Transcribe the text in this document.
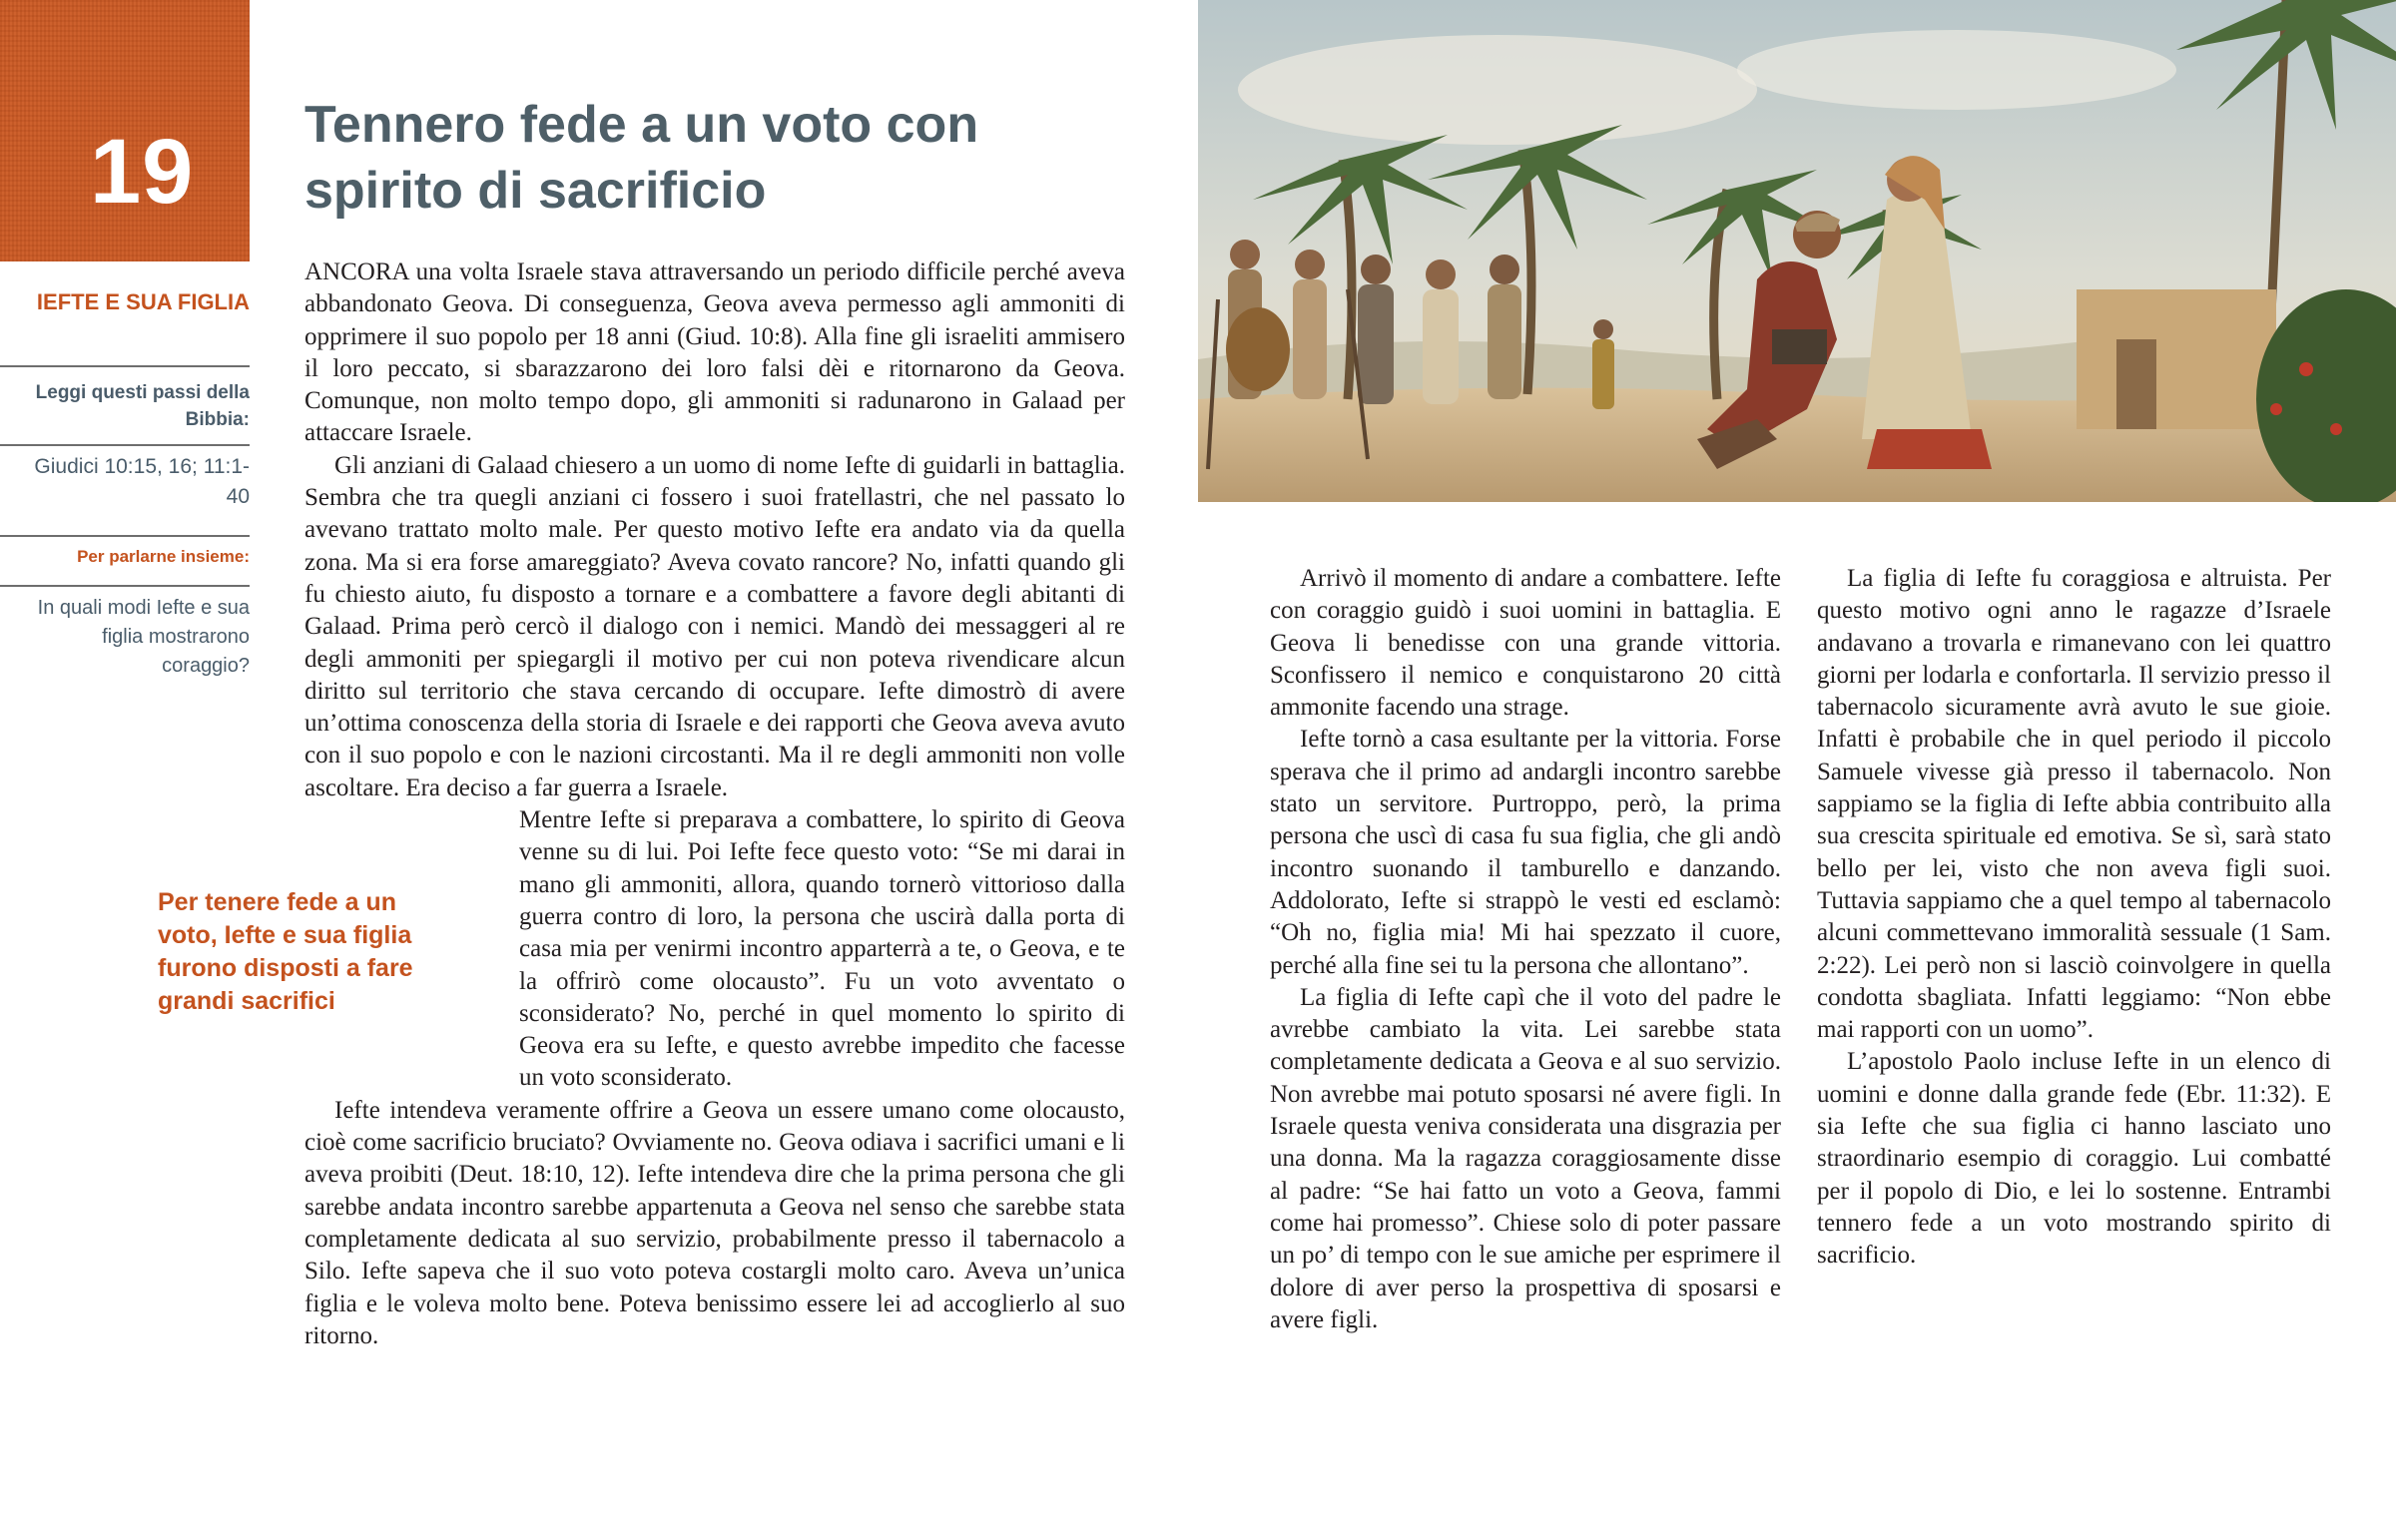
19
IEFTE E SUA FIGLIA
Leggi questi passi della Bibbia:
Giudici 10:15, 16; 11:1-40
Per parlarne insieme:
In quali modi Iefte e sua figlia mostrarono coraggio?
Tennero fede a un voto con spirito di sacrificio

ANCORA una volta Israele stava attraversando un periodo difficile perché aveva abbandonato Geova. Di conseguenza, Geova aveva permesso agli ammoniti di opprimere il suo popolo per 18 anni (Giud. 10:8). Alla fine gli israeliti ammisero il loro peccato, si sbarazzarono dei loro falsi dèi e ritornarono da Geova. Comunque, non molto tempo dopo, gli ammoniti si radunarono in Galaad per attaccare Israele.

Gli anziani di Galaad chiesero a un uomo di nome Iefte di guidarli in battaglia. Sembra che tra quegli anziani ci fossero i suoi fratellastri, che nel passato lo avevano trattato molto male. Per questo motivo Iefte era andato via da quella zona. Ma si era forse amareggiato? Aveva covato rancore? No, infatti quando gli fu chiesto aiuto, fu disposto a tornare e a combattere a favore degli abitanti di Galaad. Prima però cercò il dialogo con i nemici. Mandò dei messaggeri al re degli ammoniti per spiegargli il motivo per cui non poteva rivendicare alcun diritto sul territorio che stava cercando di occupare. Iefte dimostrò di avere un’ottima conoscenza della storia di Israele e dei rapporti che Geova aveva avuto con il suo popolo e con le nazioni circostanti. Ma il re degli ammoniti non volle ascoltare. Era deciso a far guerra a Israele.

Mentre Iefte si preparava a combattere, lo spirito di Geova venne su di lui. Poi Iefte fece questo voto: “Se mi darai in mano gli ammoniti, allora, quando tornerò vittorioso dalla guerra contro di loro, la persona che uscirà dalla porta di casa mia per venirmi incontro apparterrà a te, o Geova, e te la offrirò come olocausto”. Fu un voto avventato o sconsiderato? No, perché in quel momento lo spirito di Geova era su Iefte, e questo avrebbe impedito che facesse un voto sconsiderato.

Iefte intendeva veramente offrire a Geova un essere umano come olocausto, cioè come sacrificio bruciato? Ovviamente no. Geova odiava i sacrifici umani e li aveva proibiti (Deut. 18:10, 12). Iefte intendeva dire che la prima persona che gli sarebbe andata incontro sarebbe appartenuta a Geova nel senso che sarebbe stata completamente dedicata al suo servizio, probabilmente presso il tabernacolo a Silo. Iefte sapeva che il suo voto poteva costargli molto caro. Aveva un’unica figlia e le voleva molto bene. Poteva benissimo essere lei ad accoglierlo al suo ritorno.

Per tenere fede a un voto, Iefte e sua figlia furono disposti a fare grandi sacrifici

Arrivò il momento di andare a combattere. Iefte con coraggio guidò i suoi uomini in battaglia. E Geova li benedisse con una grande vittoria. Sconfissero il nemico e conquistarono 20 città ammonite facendo una strage.

Iefte tornò a casa esultante per la vittoria. Forse sperava che il primo ad andargli incontro sarebbe stato un servitore. Purtroppo, però, la prima persona che uscì di casa fu sua figlia, che gli andò incontro suonando il tamburello e danzando. Addolorato, Iefte si strappò le vesti ed esclamò: “Oh no, figlia mia! Mi hai spezzato il cuore, perché alla fine sei tu la persona che allontano”.

La figlia di Iefte capì che il voto del padre le avrebbe cambiato la vita. Lei sarebbe stata completamente dedicata a Geova e al suo servizio. Non avrebbe mai potuto sposarsi né avere figli. In Israele questa veniva considerata una disgrazia per una donna. Ma la ragazza coraggiosamente disse al padre: “Se hai fatto un voto a Geova, fammi come hai promesso”. Chiese solo di poter passare un po’ di tempo con le sue amiche per esprimere il dolore di aver perso la prospettiva di sposarsi e avere figli.

La figlia di Iefte fu coraggiosa e altruista. Per questo motivo ogni anno le ragazze d’Israele andavano a trovarla e rimanevano con lei quattro giorni per lodarla e confortarla. Il servizio presso il tabernacolo sicuramente avrà avuto le sue gioie. Infatti è probabile che in quel periodo il piccolo Samuele vivesse già presso il tabernacolo. Non sappiamo se la figlia di Iefte abbia contribuito alla sua crescita spirituale ed emotiva. Se sì, sarà stato bello per lei, visto che non aveva figli suoi. Tuttavia sappiamo che a quel tempo al tabernacolo alcuni commettevano immoralità sessuale (1 Sam. 2:22). Lei però non si lasciò coinvolgere in quella condotta sbagliata. Infatti leggiamo: “Non ebbe mai rapporti con un uomo”.

L’apostolo Paolo incluse Iefte in un elenco di uomini e donne dalla grande fede (Ebr. 11:32). E sia Iefte che sua figlia ci hanno lasciato uno straordinario esempio di coraggio. Lui combatté per il popolo di Dio, e lei lo sostenne. Entrambi tennero fede a un voto mostrando spirito di sacrificio.
